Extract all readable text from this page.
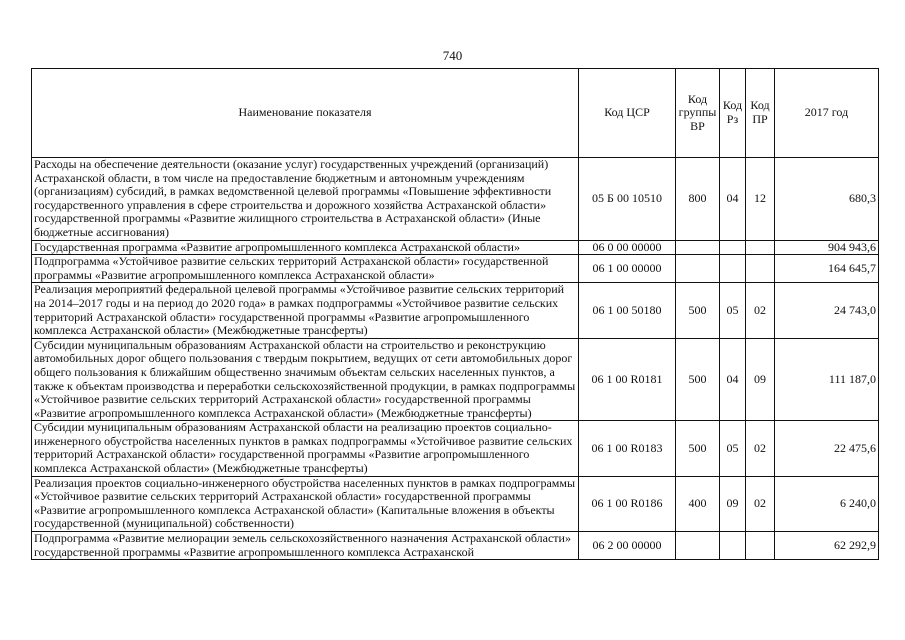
740
Наименование показателя	Код ЦСР	Код группы ВР	Код Рз	Код ПР	2017 год
Расходы на обеспечение деятельности (оказание услуг) государственных учреждений (организаций) Астраханской области, в том числе на предоставление бюджетным и автономным учреждениям (организациям) субсидий, в рамках ведомственной целевой программы «Повышение эффективности государственного управления в сфере строительства и дорожного хозяйства Астраханской области» государственной программы «Развитие жилищного строительства в Астраханской области» (Иные бюджетные ассигнования)	05 Б 00 10510	800	04	12	680,3
Государственная программа «Развитие агропромышленного комплекса Астраханской области»	06 0 00 00000				904 943,6
Подпрограмма «Устойчивое развитие сельских территорий Астраханской области» государственной программы «Развитие агропромышленного комплекса Астраханской области»	06 1 00 00000				164 645,7
Реализация мероприятий федеральной целевой программы «Устойчивое развитие сельских территорий на 2014–2017 годы и на период до 2020 года» в рамках подпрограммы «Устойчивое развитие сельских территорий Астраханской области» государственной программы «Развитие агропромышленного комплекса Астраханской области» (Межбюджетные трансферты)	06 1 00 50180	500	05	02	24 743,0
Субсидии муниципальным образованиям Астраханской области на строительство и реконструкцию автомобильных дорог общего пользования с твердым покрытием, ведущих от сети автомобильных дорог общего пользования к ближайшим общественно значимым объектам сельских населенных пунктов, а также к объектам производства и переработки сельскохозяйственной продукции, в рамках подпрограммы «Устойчивое развитие сельских территорий Астраханской области» государственной программы «Развитие агропромышленного комплекса Астраханской области» (Межбюджетные трансферты)	06 1 00 R0181	500	04	09	111 187,0
Субсидии муниципальным образованиям Астраханской области на реализацию проектов социально-инженерного обустройства населенных пунктов в рамках подпрограммы «Устойчивое развитие сельских территорий Астраханской области» государственной программы «Развитие агропромышленного комплекса Астраханской области» (Межбюджетные трансферты)	06 1 00 R0183	500	05	02	22 475,6
Реализация проектов социально-инженерного обустройства населенных пунктов в рамках подпрограммы «Устойчивое развитие сельских территорий Астраханской области» государственной программы «Развитие агропромышленного комплекса Астраханской области» (Капитальные вложения в объекты государственной (муниципальной) собственности)	06 1 00 R0186	400	09	02	6 240,0

Подпрограмма «Развитие мелиорации земель сельскохозяйственного назначения Астраханской области» государственной программы «Развитие агропромышленного комплекса Астраханской	06 2 00 00000				62 292,9
